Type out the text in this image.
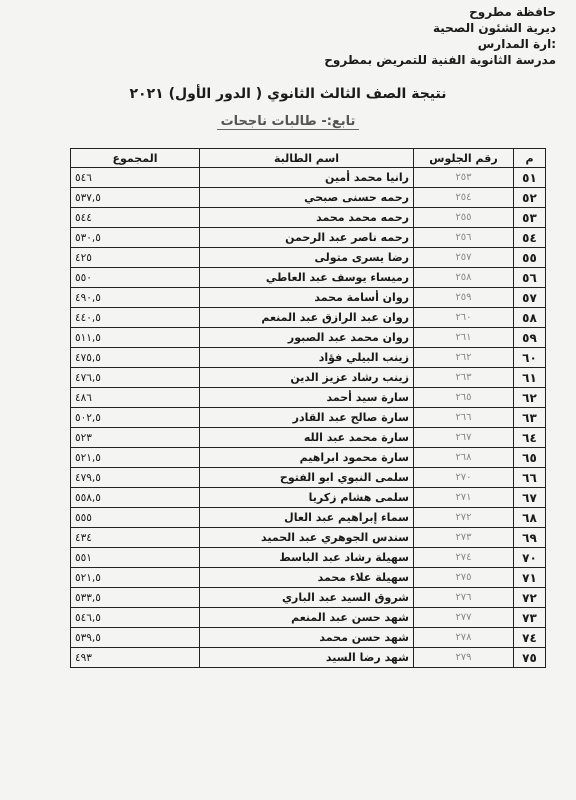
حافظة مطروح
ديرية الشئون الصحية
:ارة المدارس
مدرسة الثانوية الفنية للتمريض بمطروح
نتيجة الصف الثالث الثانوي ( الدور الأول) ٢٠٢١
تابع:- طالبات ناجحات
م	رقم الجلوس	اسم الطالبة	المجموع
٥١	٢٥٣	رانيا محمد أمين	٥٤٦
٥٢	٢٥٤	رحمه حسنى صبحي	٥٣٧,٥
٥٣	٢٥٥	رحمه محمد محمد	٥٤٤
٥٤	٢٥٦	رحمه ناصر عبد الرحمن	٥٣٠,٥
٥٥	٢٥٧	رضا يسرى متولى	٤٢٥
٥٦	٢٥٨	رميساء يوسف عبد العاطي	٥٥٠
٥٧	٢٥٩	روان أسامة محمد	٤٩٠,٥
٥٨	٢٦٠	روان عبد الرازق عبد المنعم	٤٤٠,٥
٥٩	٢٦١	روان محمد عبد الصبور	٥١١,٥
٦٠	٢٦٢	زينب البيلي فؤاد	٤٧٥,٥
٦١	٢٦٣	زينب رشاد عزيز الدين	٤٧٦,٥
٦٢	٢٦٥	سارة سيد أحمد	٤٨٦
٦٣	٢٦٦	سارة صالح عبد القادر	٥٠٢,٥
٦٤	٢٦٧	سارة محمد عبد الله	٥٢٣
٦٥	٢٦٨	سارة محمود ابراهيم	٥٢١,٥
٦٦	٢٧٠	سلمى النبوي ابو الفتوح	٤٧٩,٥
٦٧	٢٧١	سلمى هشام زكريا	٥٥٨,٥
٦٨	٢٧٢	سماء إبراهيم عبد العال	٥٥٥
٦٩	٢٧٣	سندس الجوهري عبد الحميد	٤٣٤
٧٠	٢٧٤	سهيلة رشاد عبد الباسط	٥٥١
٧١	٢٧٥	سهيلة علاء محمد	٥٢١,٥
٧٢	٢٧٦	شروق السيد عبد الباري	٥٣٣,٥
٧٣	٢٧٧	شهد حسن عبد المنعم	٥٤٦,٥
٧٤	٢٧٨	شهد حسن محمد	٥٣٩,٥
٧٥	٢٧٩	شهد رضا السيد	٤٩٣
